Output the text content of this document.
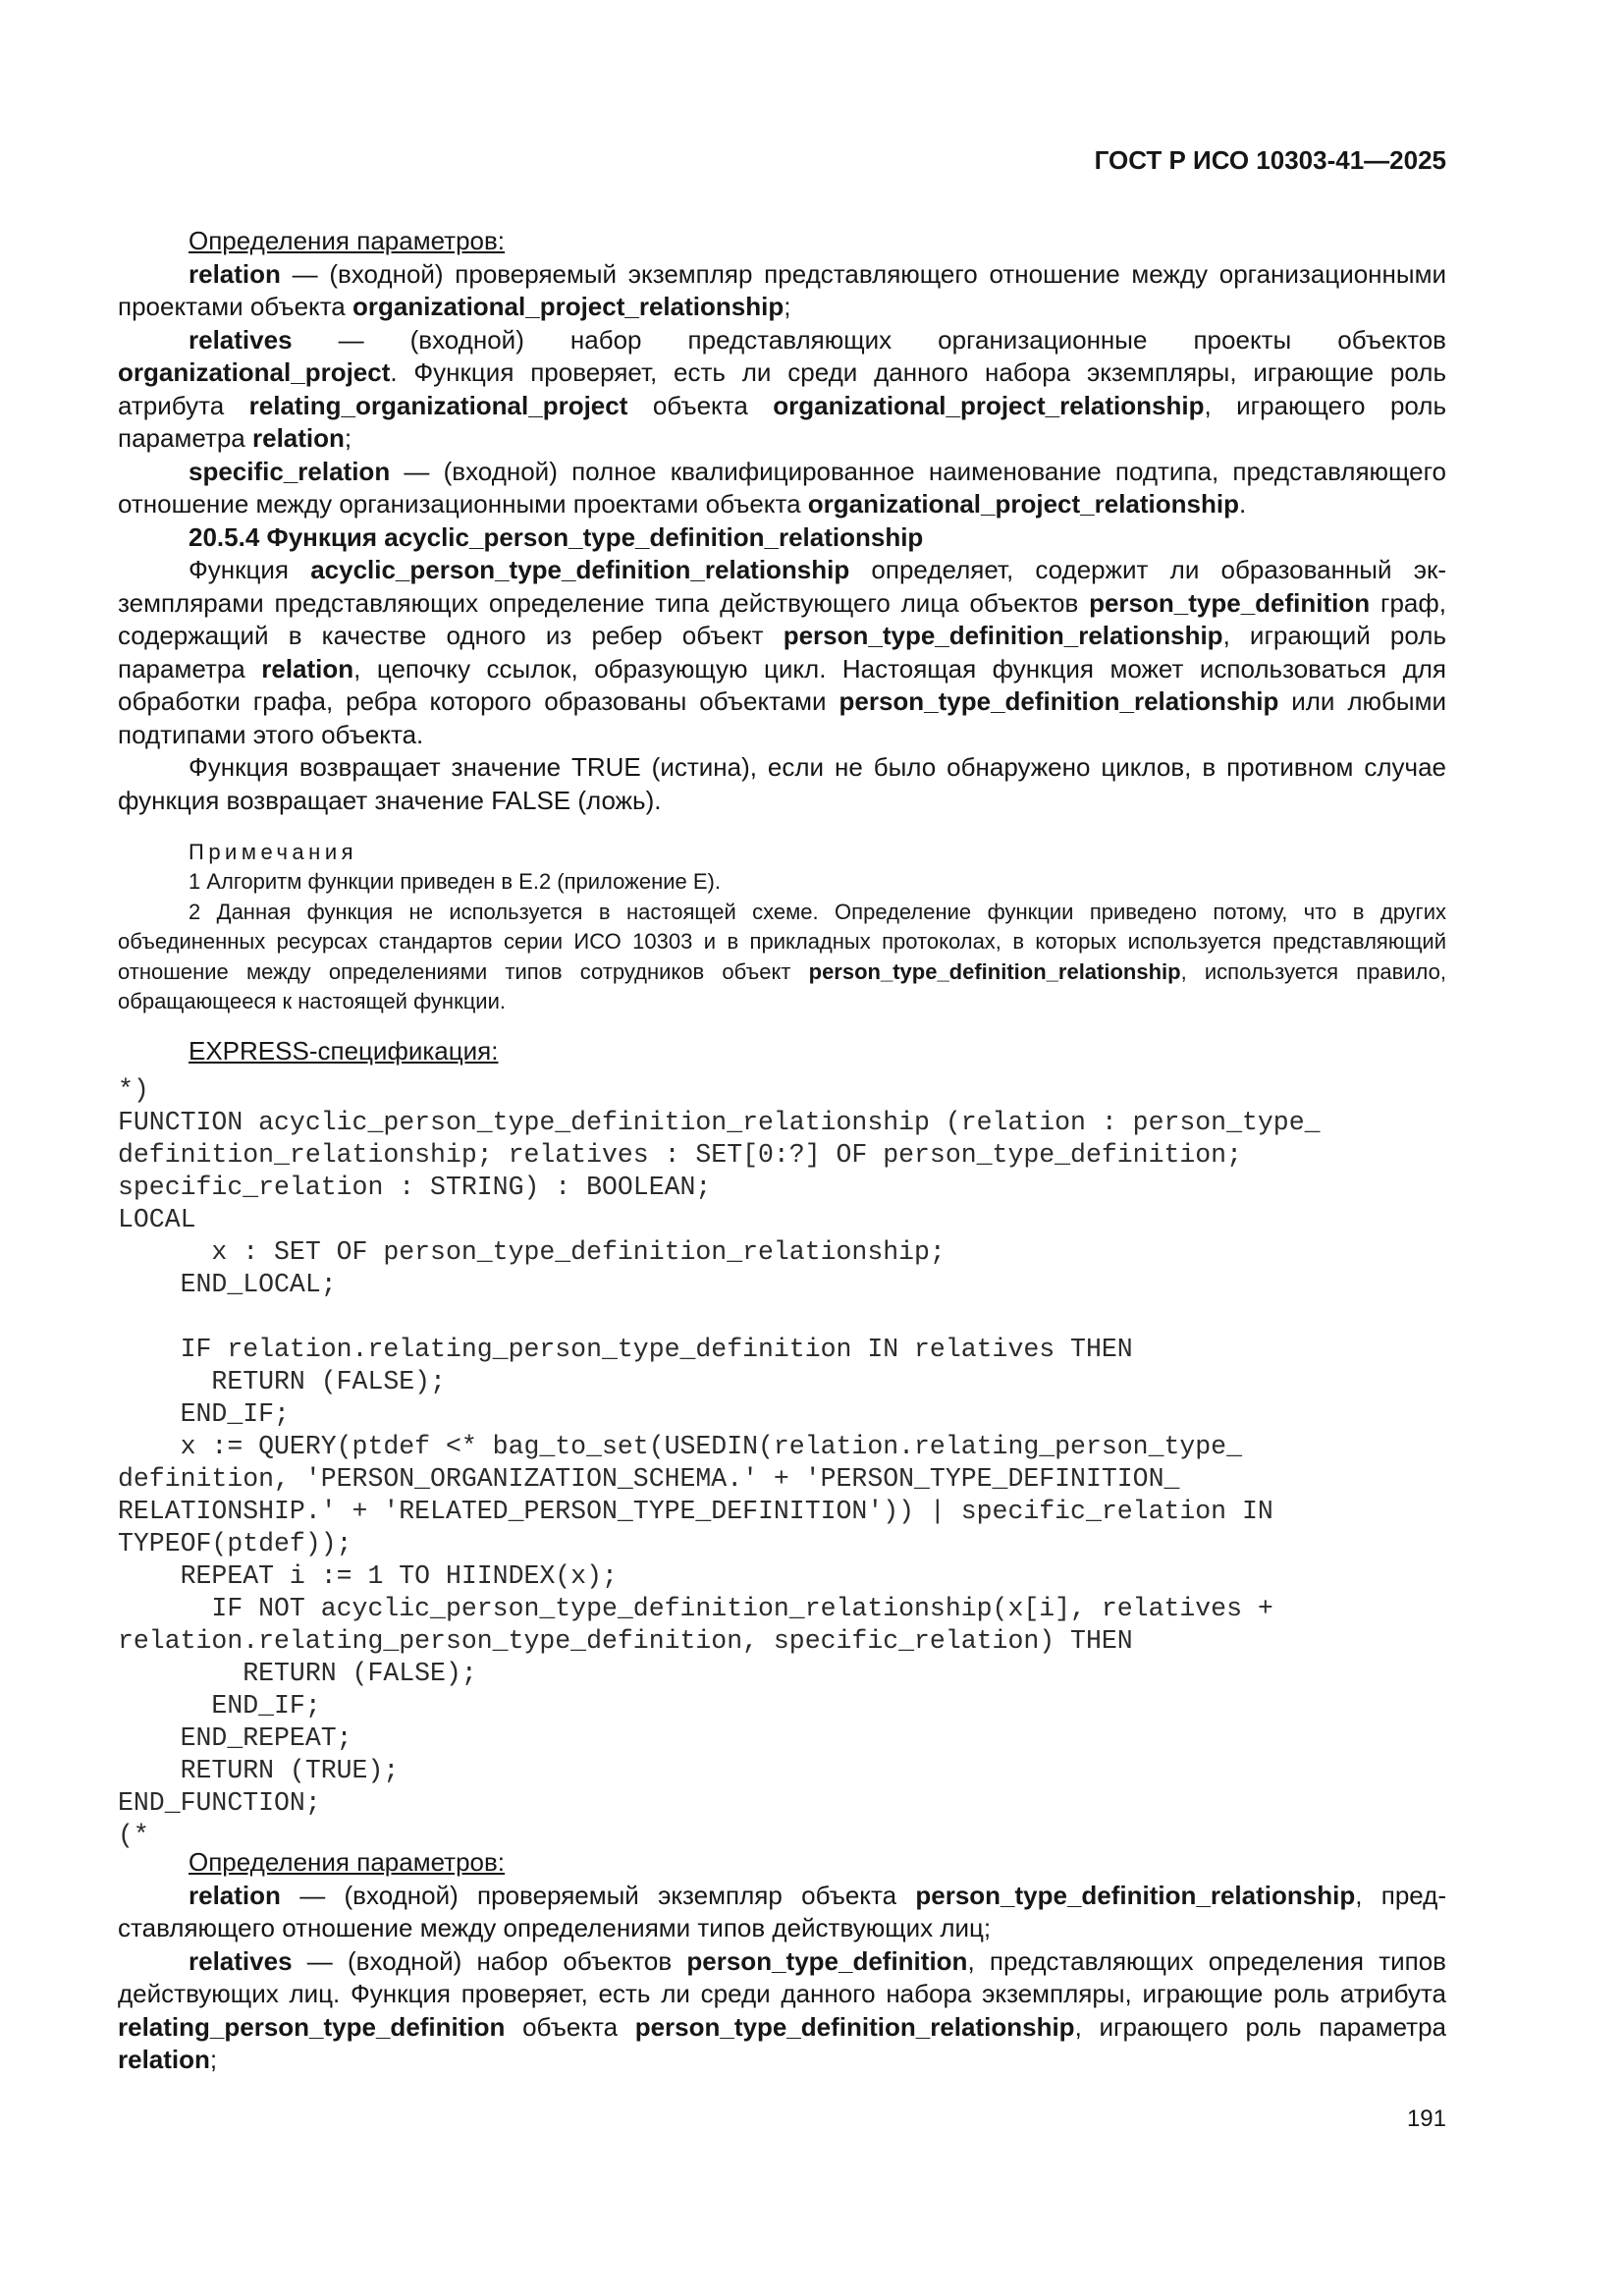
ГОСТ Р ИСО 10303-41—2025

Определения параметров:

relation — (входной) проверяемый экземпляр представляющего отношение между организационными проектами объекта organizational_project_relationship;

relatives — (входной) набор представляющих организационные проекты объектов organizational_project. Функция проверяет, есть ли среди данного набора экземпляры, играющие роль атрибута relating_organizational_project объекта organizational_project_relationship, играющего роль параметра relation;

specific_relation — (входной) полное квалифицированное наименование подтипа, представляющего отношение между организационными проектами объекта organizational_project_relationship.

20.5.4 Функция acyclic_person_type_definition_relationship

Функция acyclic_person_type_definition_relationship определяет, содержит ли образованный экземплярами представляющих определение типа действующего лица объектов person_type_definition граф, содержащий в качестве одного из ребер объект person_type_definition_relationship, играющий роль параметра relation, цепочку ссылок, образующую цикл. Настоящая функция может использоваться для обработки графа, ребра которого образованы объектами person_type_definition_relationship или любыми подтипами этого объекта.

Функция возвращает значение TRUE (истина), если не было обнаружено циклов, в противном случае функция возвращает значение FALSE (ложь).

Примечания

1 Алгоритм функции приведен в E.2 (приложение E).

2 Данная функция не используется в настоящей схеме. Определение функции приведено потому, что в других объединенных ресурсах стандартов серии ИСО 10303 и в прикладных протоколах, в которых используется представляющий отношение между определениями типов сотрудников объект person_type_definition_relationship, используется правило, обращающееся к настоящей функции.

EXPRESS-спецификация:

*)
FUNCTION acyclic_person_type_definition_relationship (relation : person_type_
definition_relationship; relatives : SET[0:?] OF person_type_definition;
specific_relation : STRING) : BOOLEAN;
LOCAL
x : SET OF person_type_definition_relationship;
END_LOCAL;

IF relation.relating_person_type_definition IN relatives THEN
RETURN (FALSE);
END_IF;
x := QUERY(ptdef <* bag_to_set(USEDIN(relation.relating_person_type_
definition, 'PERSON_ORGANIZATION_SCHEMA.' + 'PERSON_TYPE_DEFINITION_
RELATIONSHIP.' + 'RELATED_PERSON_TYPE_DEFINITION')) | specific_relation IN
TYPEOF(ptdef));
REPEAT i := 1 TO HIINDEX(x);
IF NOT acyclic_person_type_definition_relationship(x[i], relatives +
relation.relating_person_type_definition, specific_relation) THEN
RETURN (FALSE);
END_IF;
END_REPEAT;
RETURN (TRUE);
END_FUNCTION;
(*

Определения параметров:

relation — (входной) проверяемый экземпляр объекта person_type_definition_relationship, представляющего отношение между определениями типов действующих лиц;

relatives — (входной) набор объектов person_type_definition, представляющих определения типов действующих лиц. Функция проверяет, есть ли среди данного набора экземпляры, играющие роль атрибута relating_person_type_definition объекта person_type_definition_relationship, играющего роль параметра relation;

191
